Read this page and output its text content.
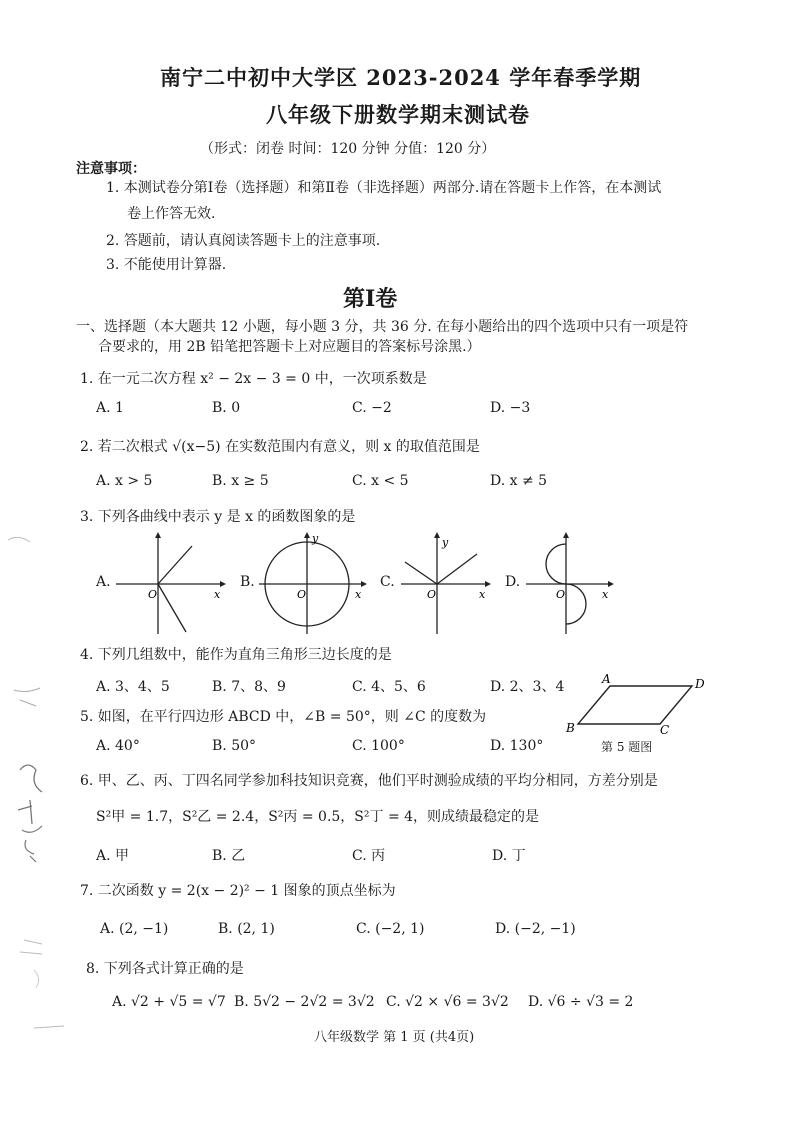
南宁二中初中大学区 2023-2024 学年春季学期
八年级下册数学期末测试卷
（形式：闭卷 时间：120 分钟 分值：120 分）
注意事项：
1. 本测试卷分第Ⅰ卷（选择题）和第Ⅱ卷（非选择题）两部分.请在答题卡上作答，在本测试
卷上作答无效.
2. 答题前，请认真阅读答题卡上的注意事项.
3. 不能使用计算器.
第Ⅰ卷
一、选择题（本大题共 12 小题，每小题 3 分，共 36 分. 在每小题给出的四个选项中只有一项是符
合要求的，用 2B 铅笔把答题卡上对应题目的答案标号涂黑.）
1. 在一元二次方程 x² − 2x − 3 = 0 中，一次项系数是
A. 1	B. 0	C. −2	D. −3
2. 若二次根式 √(x−5) 在实数范围内有意义，则 x 的取值范围是
A. x > 5	B. x ≥ 5	C. x < 5	D. x ≠ 5
3. 下列各曲线中表示 y 是 x 的函数图象的是
A.	B.	C.	D.
O	x
y
O	x
y
O	x	O	x
4. 下列几组数中，能作为直角三角形三边长度的是
A. 3、4、5	B. 7、8、9	C. 4、5、6	D. 2、3、4
5. 如图，在平行四边形 ABCD 中，∠B = 50°，则 ∠C 的度数为
A. 40°	B. 50°	C. 100°	D. 130°
A
B	C
D
第 5 题图
6. 甲、乙、丙、丁四名同学参加科技知识竞赛，他们平时测验成绩的平均分相同，方差分别是
S²甲 = 1.7，S²乙 = 2.4，S²丙 = 0.5，S²丁 = 4，则成绩最稳定的是
A. 甲	B. 乙	C. 丙	D. 丁
7. 二次函数 y = 2(x − 2)² − 1 图象的顶点坐标为
A. (2, −1)	B. (2, 1)	C. (−2, 1)	D. (−2, −1)
8. 下列各式计算正确的是
A. √2 + √5 = √7 B. 5√2 − 2√2 = 3√2 C. √2 × √6 = 3√2 D. √6 ÷ √3 = 2
八年级数学 第 1 页 (共4页)
